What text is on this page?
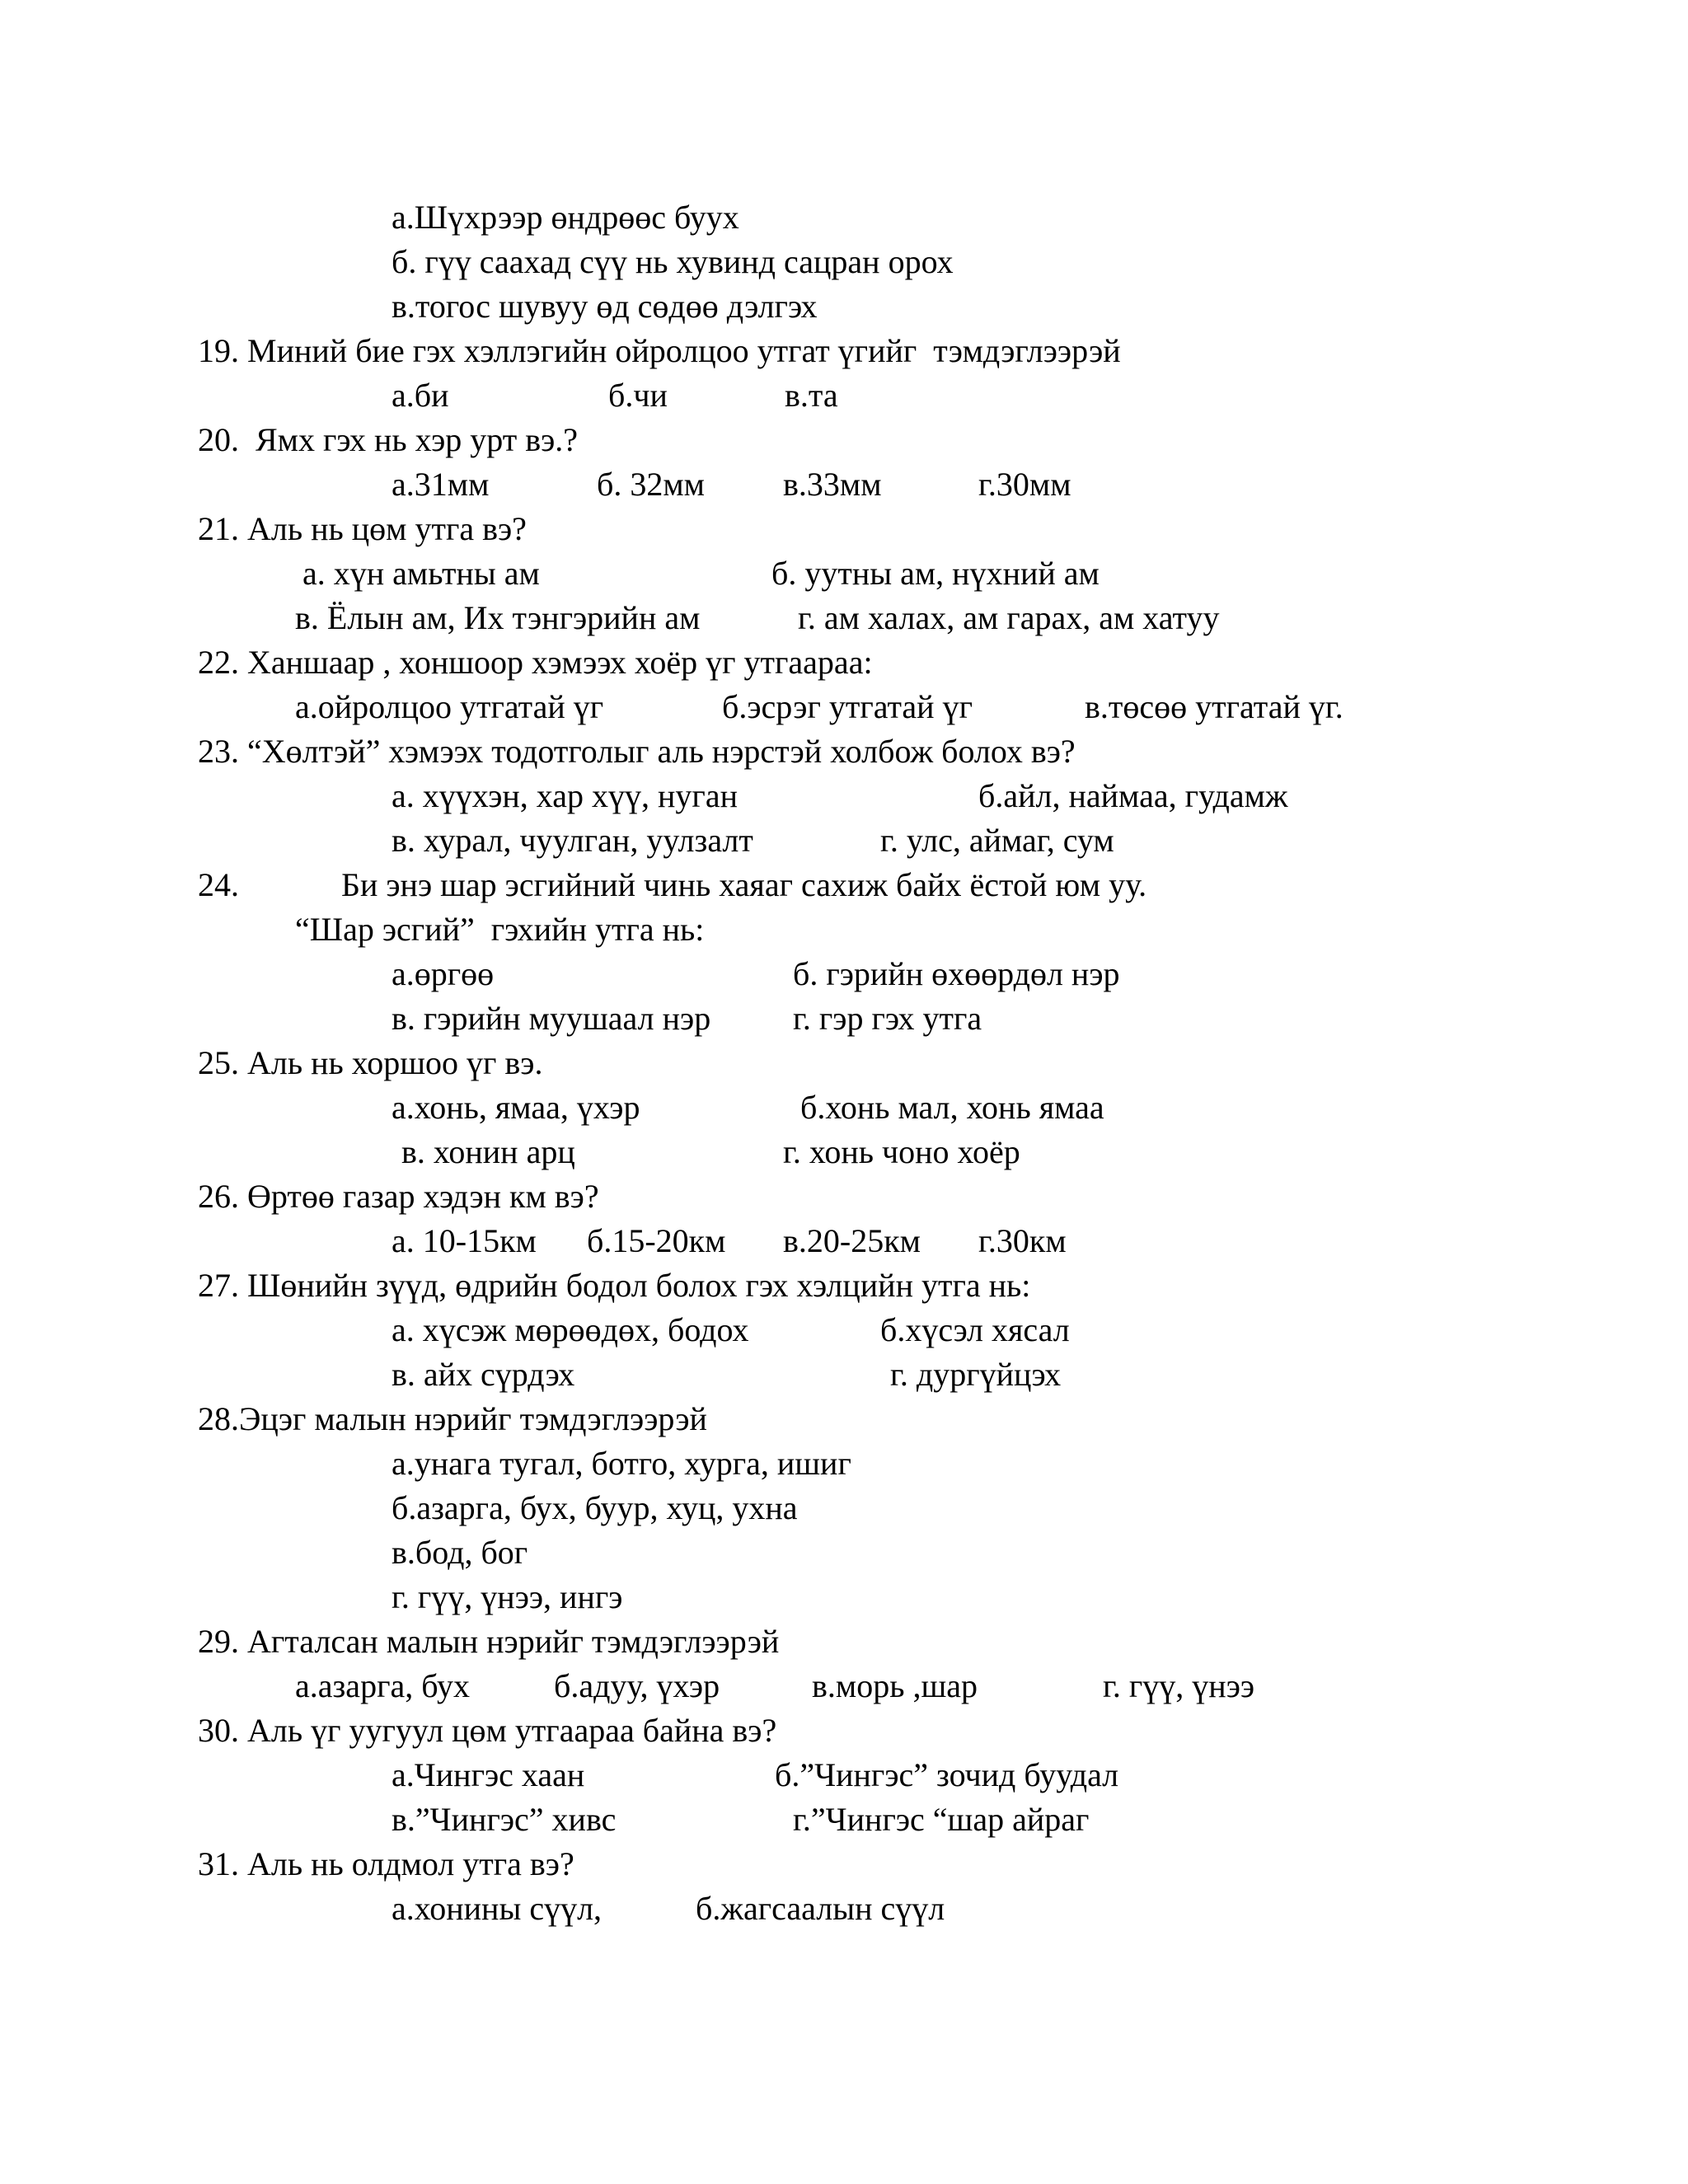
а.Шүхрээр өндрөөс буух
б. гүү саахад сүү нь хувинд сацран орох
в.тогос шувуу өд сөдөө дэлгэх
19. Миний бие гэх хэллэгийн ойролцоо утгат үгийг  тэмдэглээрэй
а.би	б.чи	в.та
20.  Ямх гэх нь хэр урт вэ.?
а.31мм	б. 32мм в.33мм	г.30мм
21. Аль нь цөм утга вэ?
а. хүн амьтны ам	б. уутны ам, нүхний ам
в. Ёлын ам, Их тэнгэрийн ам	г. ам халах, ам гарах, ам хатуу
22. Ханшаар , хоншоор хэмээх хоёр үг утгаараа:
а.ойролцоо утгатай үг	б.эсрэг утгатай үг	в.төсөө утгатай үг.
23. “Хөлтэй” хэмээх тодотголыг аль нэрстэй холбож болох вэ?
а. хүүхэн, хар хүү, нуган	б.айл, наймаа, гудамж
в. хурал, чуулган, уулзалт	г. улс, аймаг, сум
24.	Би энэ шар эсгийний чинь хаяаг сахиж байх ёстой юм уу.
“Шар эсгий”  гэхийн утга нь:
а.өргөө	б. гэрийн өхөөрдөл нэр
в. гэрийн муушаал нэр г. гэр гэх утга
25. Аль нь хоршоо үг вэ.
а.хонь, ямаа, үхэр	б.хонь мал, хонь ямаа
в. хонин арц	г. хонь чоно хоёр
26. Өртөө газар хэдэн км вэ?
а. 10-15км б.15-20км в.20-25км г.30км
27. Шөнийн зүүд, өдрийн бодол болох гэх хэлцийн утга нь:
а. хүсэж мөрөөдөх, бодох	б.хүсэл хясал
в. айх сүрдэх	г. дургүйцэх
28.Эцэг малын нэрийг тэмдэглээрэй
а.унага тугал, ботго, хурга, ишиг
б.азарга, бух, буур, хуц, ухна
в.бод, бог
г. гүү, үнээ, ингэ
29. Агталсан малын нэрийг тэмдэглээрэй
а.азарга, бух	б.адуу, үхэр	в.морь ,шар	г. гүү, үнээ
30. Аль үг уугуул цөм утгаараа байна вэ?
а.Чингэс хаан	б.”Чингэс” зочид буудал
в.”Чингэс” хивс	г.”Чингэс “шар айраг
31. Аль нь олдмол утга вэ?
а.хонины сүүл,	б.жагсаалын сүүл
